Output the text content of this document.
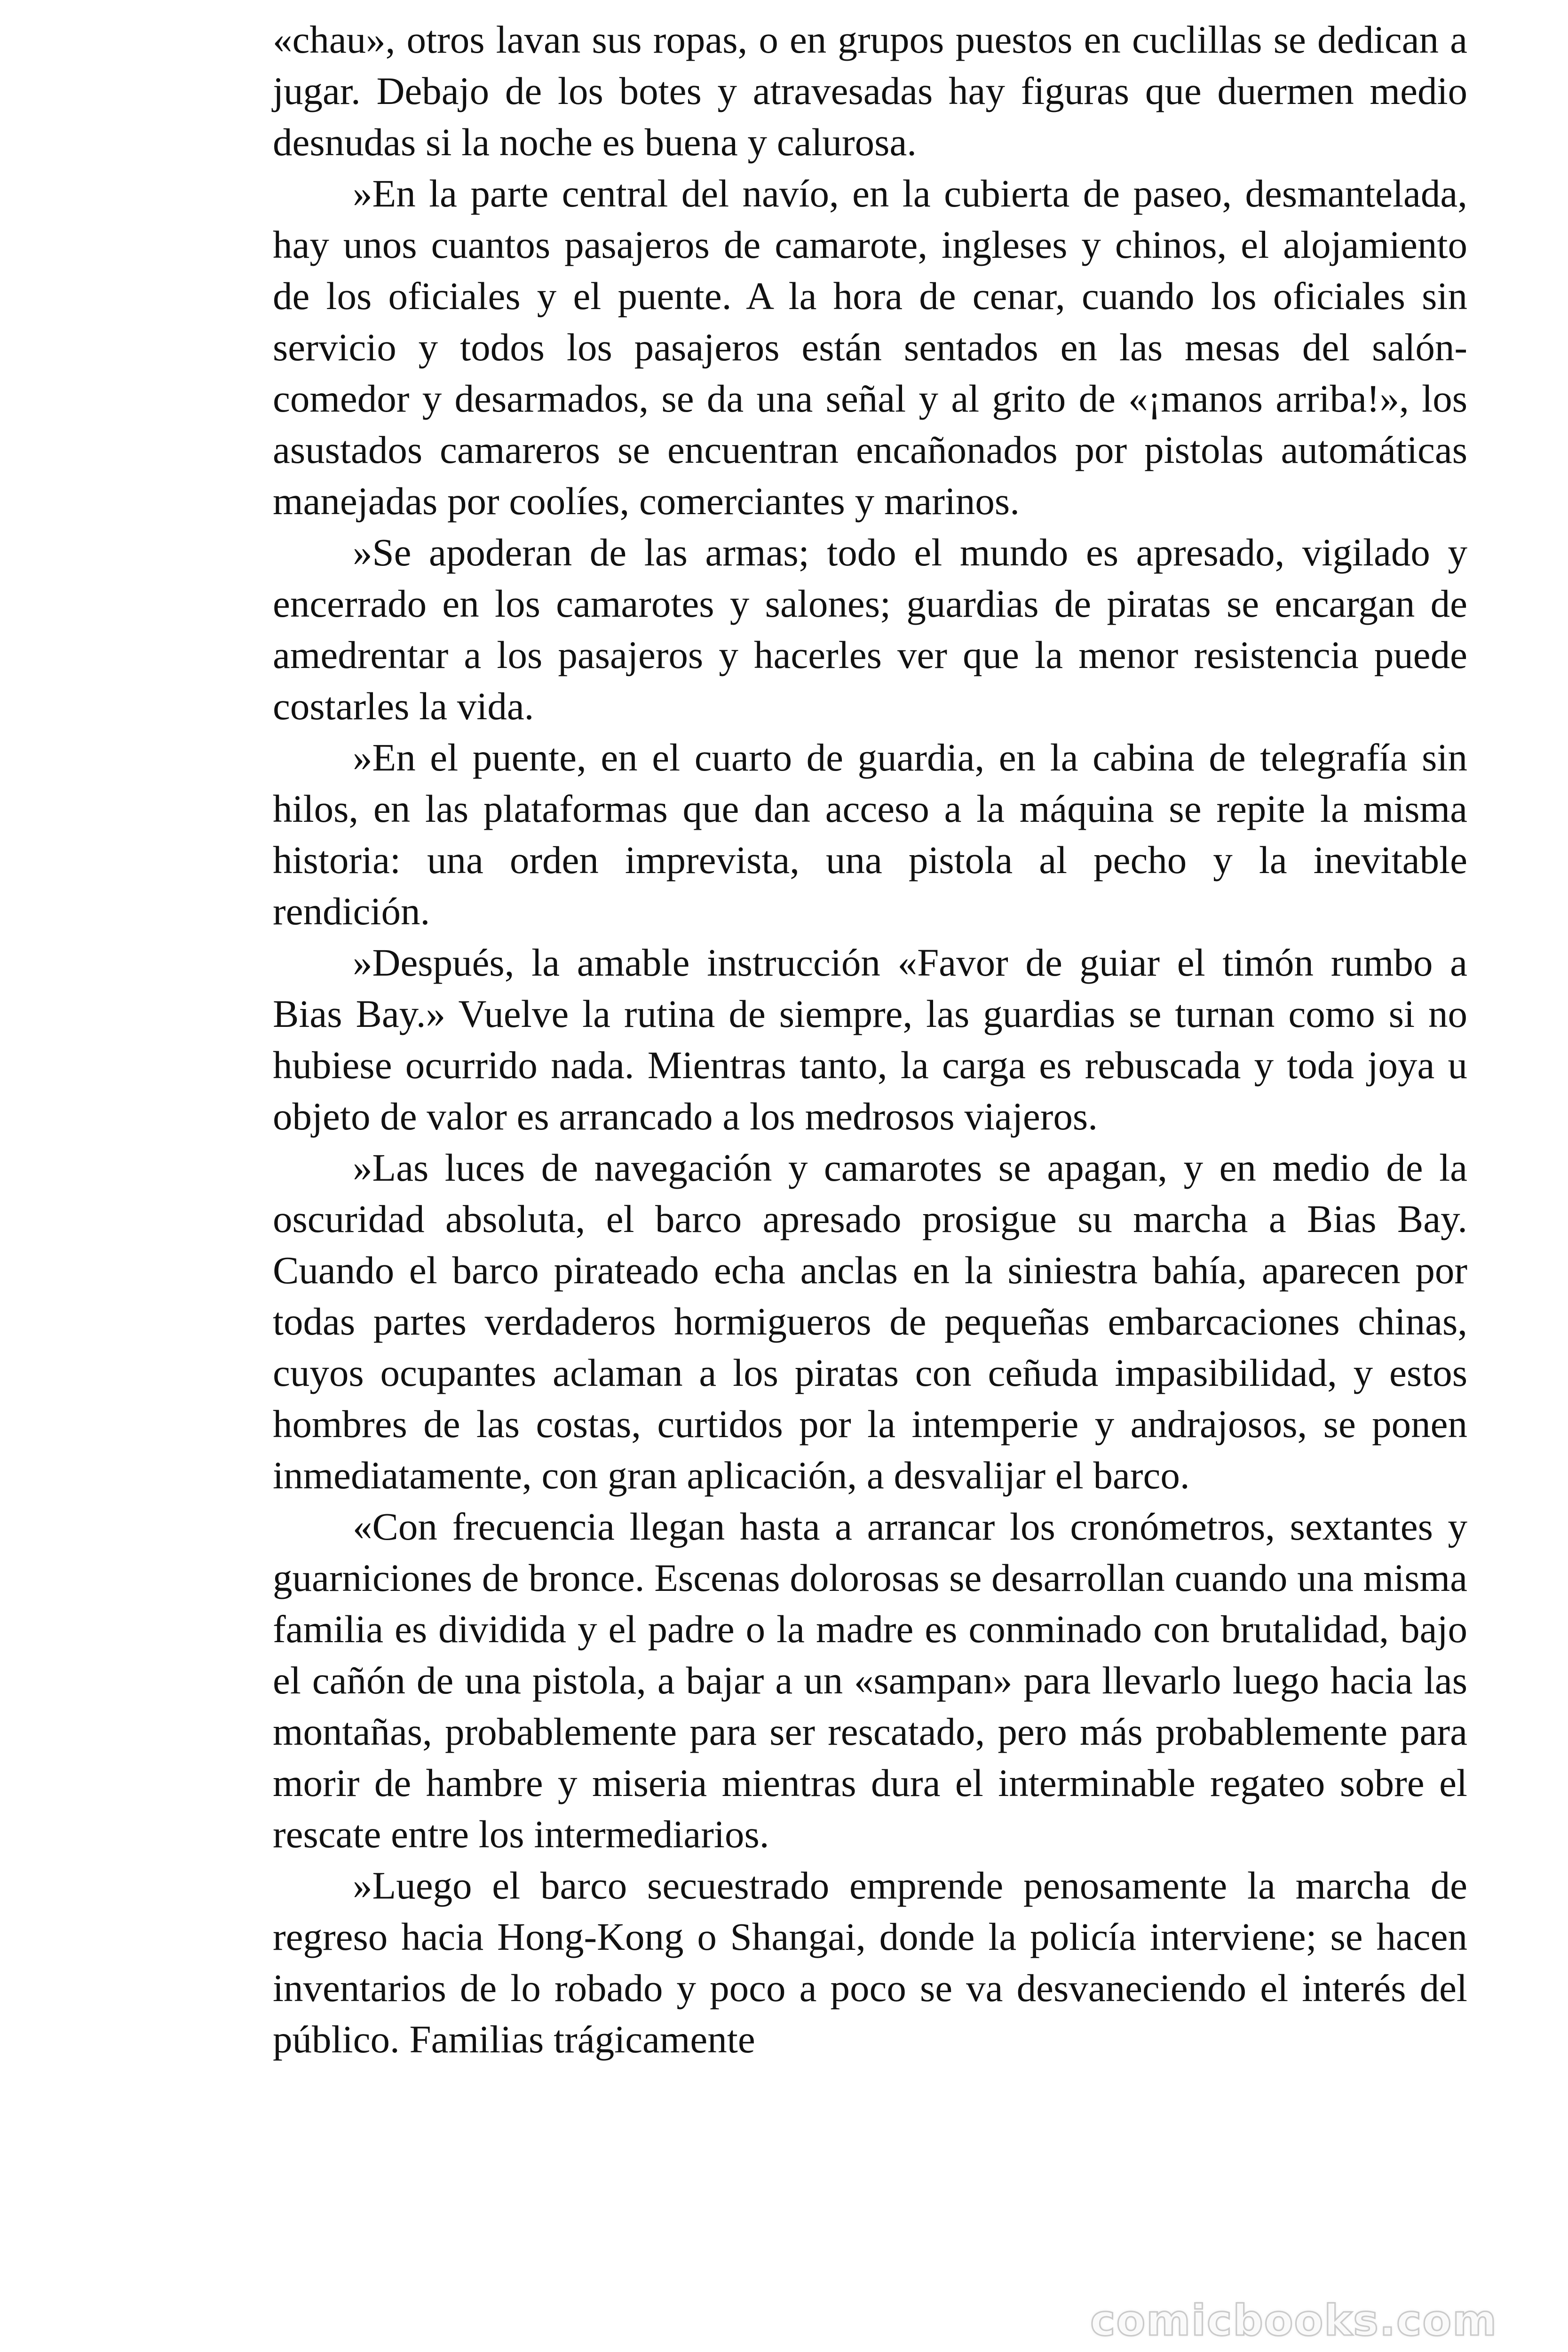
«chau», otros lavan sus ropas, o en grupos puestos en cuclillas se dedican a jugar. Debajo de los botes y atravesadas hay figuras que duermen medio desnudas si la noche es buena y calurosa.

»En la parte central del navío, en la cubierta de paseo, desmantelada, hay unos cuantos pasajeros de camarote, ingleses y chinos, el alojamiento de los oficiales y el puente. A la hora de cenar, cuando los oficiales sin servicio y todos los pasajeros están sentados en las mesas del salón-comedor y desarmados, se da una señal y al grito de «¡manos arriba!», los asustados camareros se encuentran encañonados por pistolas automáticas manejadas por coolíes, comerciantes y marinos.

»Se apoderan de las armas; todo el mundo es apresado, vigilado y encerrado en los camarotes y salones; guardias de piratas se encargan de amedrentar a los pasajeros y hacerles ver que la menor resistencia puede costarles la vida.

»En el puente, en el cuarto de guardia, en la cabina de telegrafía sin hilos, en las plataformas que dan acceso a la máquina se repite la misma historia: una orden imprevista, una pistola al pecho y la inevitable rendición.

»Después, la amable instrucción «Favor de guiar el timón rumbo a Bias Bay.» Vuelve la rutina de siempre, las guardias se turnan como si no hubiese ocurrido nada. Mientras tanto, la carga es rebuscada y toda joya u objeto de valor es arrancado a los medrosos viajeros.

»Las luces de navegación y camarotes se apagan, y en medio de la oscuridad absoluta, el barco apresado prosigue su marcha a Bias Bay. Cuando el barco pirateado echa anclas en la siniestra bahía, aparecen por todas partes verdaderos hormigueros de pequeñas embarcaciones chinas, cuyos ocupantes aclaman a los piratas con ceñuda impasibilidad, y estos hombres de las costas, curtidos por la intemperie y andrajosos, se ponen inmediatamente, con gran aplicación, a desvalijar el barco.

«Con frecuencia llegan hasta a arrancar los cronómetros, sextantes y guarniciones de bronce. Escenas dolorosas se desarrollan cuando una misma familia es dividida y el padre o la madre es conminado con brutalidad, bajo el cañón de una pistola, a bajar a un «sampan» para llevarlo luego hacia las montañas, probablemente para ser rescatado, pero más probablemente para morir de hambre y miseria mientras dura el interminable regateo sobre el rescate entre los intermediarios.

»Luego el barco secuestrado emprende penosamente la marcha de regreso hacia Hong-Kong o Shangai, donde la policía interviene; se hacen inventarios de lo robado y poco a poco se va desvaneciendo el interés del público. Familias trágicamente

comicbooks.com
